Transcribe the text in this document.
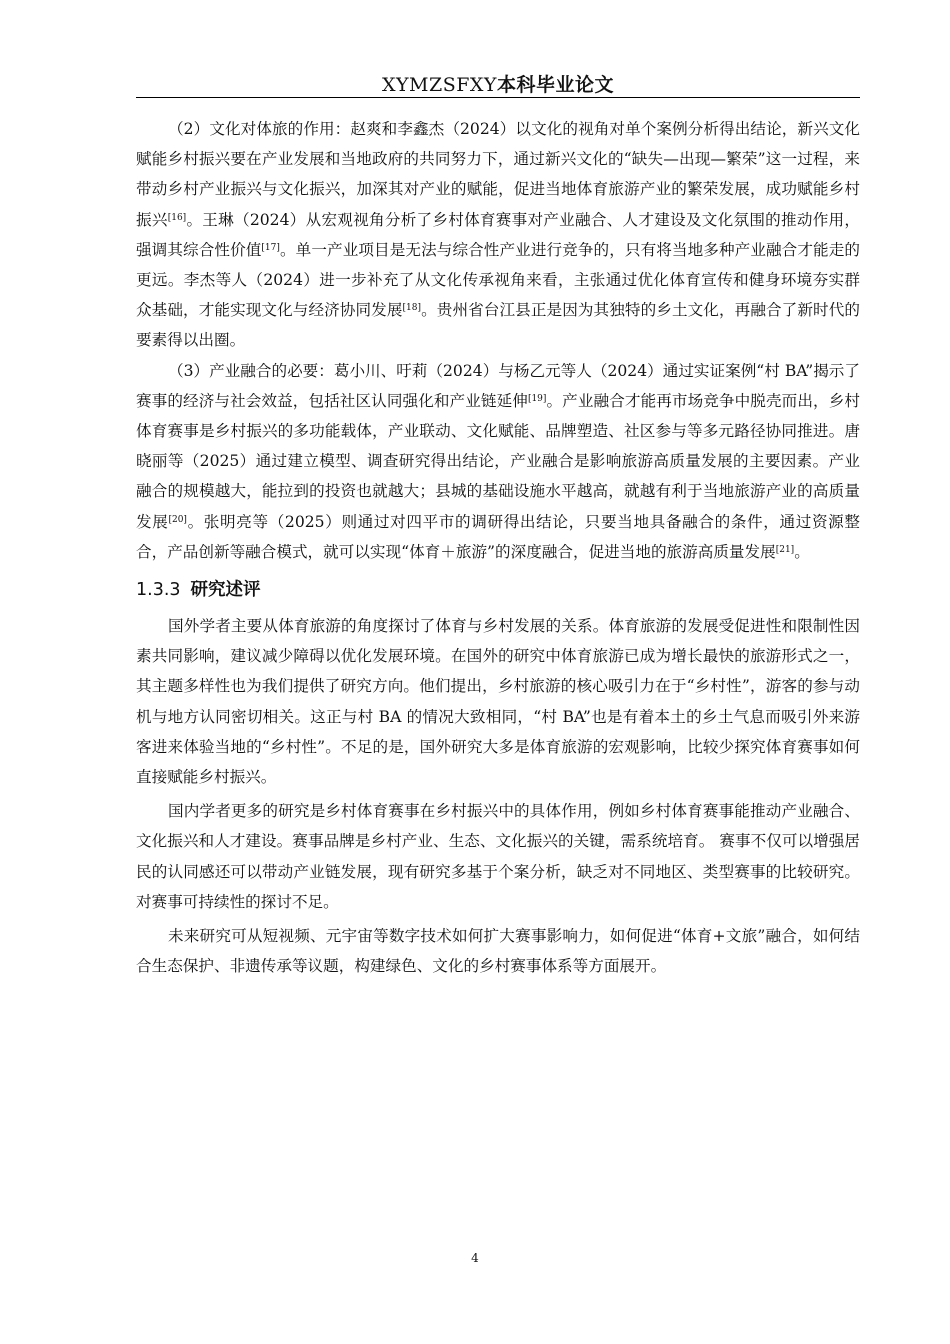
XYMZSFXY本科毕业论文

（2）文化对体旅的作用：赵爽和李鑫杰（2024）以文化的视角对单个案例分析得出结论，新兴文化赋能乡村振兴要在产业发展和当地政府的共同努力下，通过新兴文化的“缺失—出现—繁荣”这一过程，来带动乡村产业振兴与文化振兴，加深其对产业的赋能，促进当地体育旅游产业的繁荣发展，成功赋能乡村振兴[16]。王琳（2024）从宏观视角分析了乡村体育赛事对产业融合、人才建设及文化氛围的推动作用，强调其综合性价值[17]。单一产业项目是无法与综合性产业进行竞争的，只有将当地多种产业融合才能走的更远。李杰等人（2024）进一步补充了从文化传承视角来看，主张通过优化体育宣传和健身环境夯实群众基础，才能实现文化与经济协同发展[18]。贵州省台江县正是因为其独特的乡土文化，再融合了新时代的要素得以出圈。

（3）产业融合的必要：葛小川、吁莉（2024）与杨乙元等人（2024）通过实证案例“村 BA”揭示了赛事的经济与社会效益，包括社区认同强化和产业链延伸[19]。产业融合才能再市场竞争中脱壳而出，乡村体育赛事是乡村振兴的多功能载体，产业联动、文化赋能、品牌塑造、社区参与等多元路径协同推进。唐晓丽等（2025）通过建立模型、调查研究得出结论，产业融合是影响旅游高质量发展的主要因素。产业融合的规模越大，能拉到的投资也就越大；县城的基础设施水平越高，就越有利于当地旅游产业的高质量发展[20]。张明亮等（2025）则通过对四平市的调研得出结论，只要当地具备融合的条件，通过资源整合，产品创新等融合模式，就可以实现“体育＋旅游”的深度融合，促进当地的旅游高质量发展[21]。

1.3.3 研究述评

国外学者主要从体育旅游的角度探讨了体育与乡村发展的关系。体育旅游的发展受促进性和限制性因素共同影响，建议减少障碍以优化发展环境。在国外的研究中体育旅游已成为增长最快的旅游形式之一，其主题多样性也为我们提供了研究方向。他们提出，乡村旅游的核心吸引力在于“乡村性”，游客的参与动机与地方认同密切相关。这正与村 BA 的情况大致相同，“村 BA”也是有着本土的乡土气息而吸引外来游客进来体验当地的“乡村性”。不足的是，国外研究大多是体育旅游的宏观影响，比较少探究体育赛事如何直接赋能乡村振兴。

国内学者更多的研究是乡村体育赛事在乡村振兴中的具体作用，例如乡村体育赛事能推动产业融合、文化振兴和人才建设。赛事品牌是乡村产业、生态、文化振兴的关键，需系统培育。 赛事不仅可以增强居民的认同感还可以带动产业链发展，现有研究多基于个案分析，缺乏对不同地区、类型赛事的比较研究。对赛事可持续性的探讨不足。

未来研究可从短视频、元宇宙等数字技术如何扩大赛事影响力，如何促进“体育+文旅”融合，如何结合生态保护、非遗传承等议题，构建绿色、文化的乡村赛事体系等方面展开。

4
